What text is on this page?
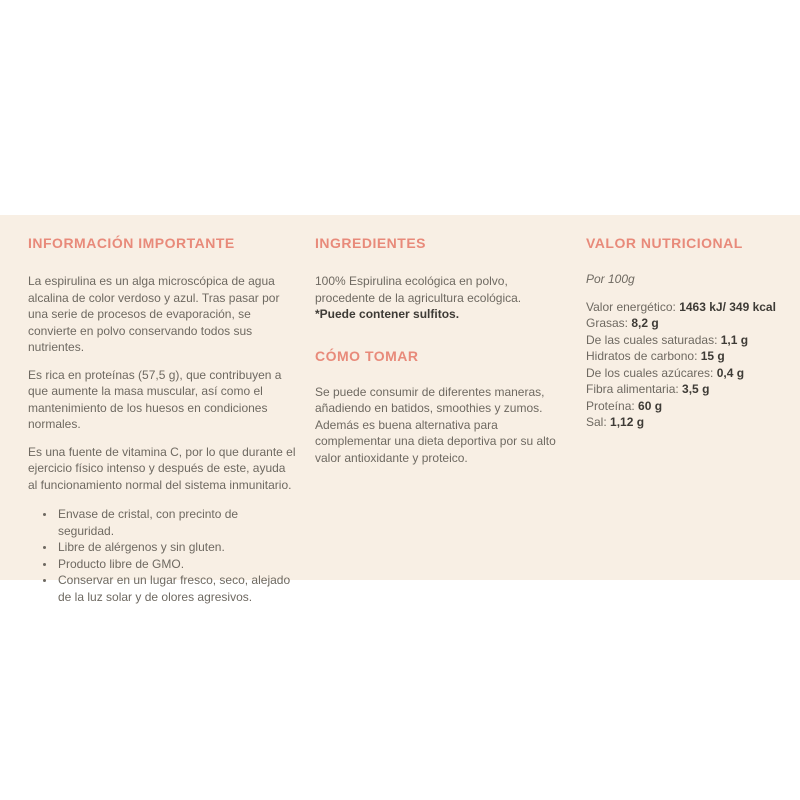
INFORMACIÓN IMPORTANTE

La espirulina es un alga microscópica de agua alcalina de color verdoso y azul. Tras pasar por una serie de procesos de evaporación, se convierte en polvo conservando todos sus nutrientes.

Es rica en proteínas (57,5 g), que contribuyen a que aumente la masa muscular, así como el mantenimiento de los huesos en condiciones normales.

Es una fuente de vitamina C, por lo que durante el ejercicio físico intenso y después de este, ayuda al funcionamiento normal del sistema inmunitario.

• Envase de cristal, con precinto de seguridad.
• Libre de alérgenos y sin gluten.
• Producto libre de GMO.
• Conservar en un lugar fresco, seco, alejado de la luz solar y de olores agresivos.
INGREDIENTES

100% Espirulina ecológica en polvo, procedente de la agricultura ecológica.

*Puede contener sulfitos.

CÓMO TOMAR

Se puede consumir de diferentes maneras, añadiendo en batidos, smoothies y zumos. Además es buena alternativa para complementar una dieta deportiva por su alto valor antioxidante y proteico.

VALOR NUTRICIONAL

Por 100g

Valor energético: 1463 kJ/ 349 kcal
Grasas: 8,2 g
De las cuales saturadas: 1,1 g
Hidratos de carbono: 15 g
De los cuales azúcares: 0,4 g
Fibra alimentaria: 3,5 g
Proteína: 60 g
Sal: 1,12 g
